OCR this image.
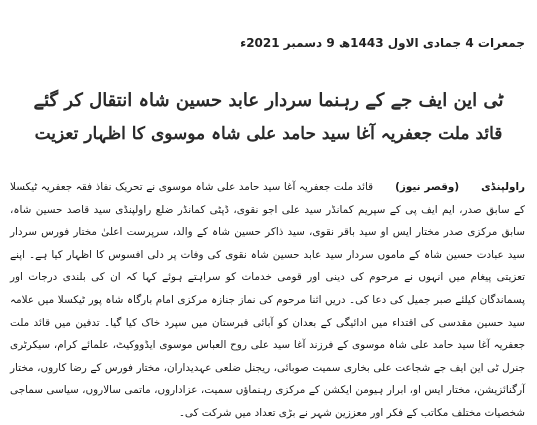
جمعرات 4 جمادی الاول 1443ھ 9 دسمبر 2021ء
ٹی این ایف جے کے رہنما سردار عابد حسین شاہ انتقال کر گئے
قائد ملت جعفریہ آغا سید حامد علی شاہ موسوی کا اظہار تعزیت
راولپنڈی(وقصر نیوز)قائد ملت جعفریہ آغا سید حامد علی شاہ موسوی نے تحریک نفاذ فقہ جعفریہ ٹیکسلا کے سابق صدر، ایم ایف پی کے سپریم کمانڈر سید علی اجو نقوی، ڈپٹی کمانڈر ضلع راولپنڈی سید قاصد حسین شاہ، سابق مرکزی صدر مختار ایس او سید باقر نقوی، سید ذاکر حسین شاہ کے والد، سرپرست اعلیٰ مختار فورس سردار سید عبادت حسین شاہ کے ماموں سردار سید عابد حسین شاہ نقوی کی وفات پر دلی افسوس کا اظہار کیا ہے۔ اپنے تعزیتی پیغام میں انہوں نے مرحوم کی دینی اور قومی خدمات کو سراہتے ہوئے کہا کہ ان کی بلندی درجات اور پسماندگان کیلئے صبر جمیل کی دعا کی۔ دریں اثنا مرحوم کی نماز جنازہ مرکزی امام بارگاہ شاہ پور ٹیکسلا میں علامہ سید حسین مقدسی کی اقتداء میں ادائیگی کے بعدان کو آبائی قبرستان میں سپرد خاک کیا گیا۔ تدفین میں قائد ملت جعفریہ آغا سید حامد علی شاہ موسوی کے فرزند آغا سید علی روح العباس موسوی ایڈووکیٹ، علمائے کرام، سیکرٹری جنرل ٹی این ایف جے شجاعت علی بخاری سمیت صوبائی، ریجنل ضلعی عہدیداران، مختار فورس کے رضا کاروں، مختار آرگنائزیشن، مختار ایس او، ابرار ہیومن ایکشن کے مرکزی رہنماؤں سمیت، عزاداروں، ماتمی سالاروں، سیاسی سماجی شخصیات مختلف مکاتب کے فکر اور معززین شہر نے بڑی تعداد میں شرکت کی۔
